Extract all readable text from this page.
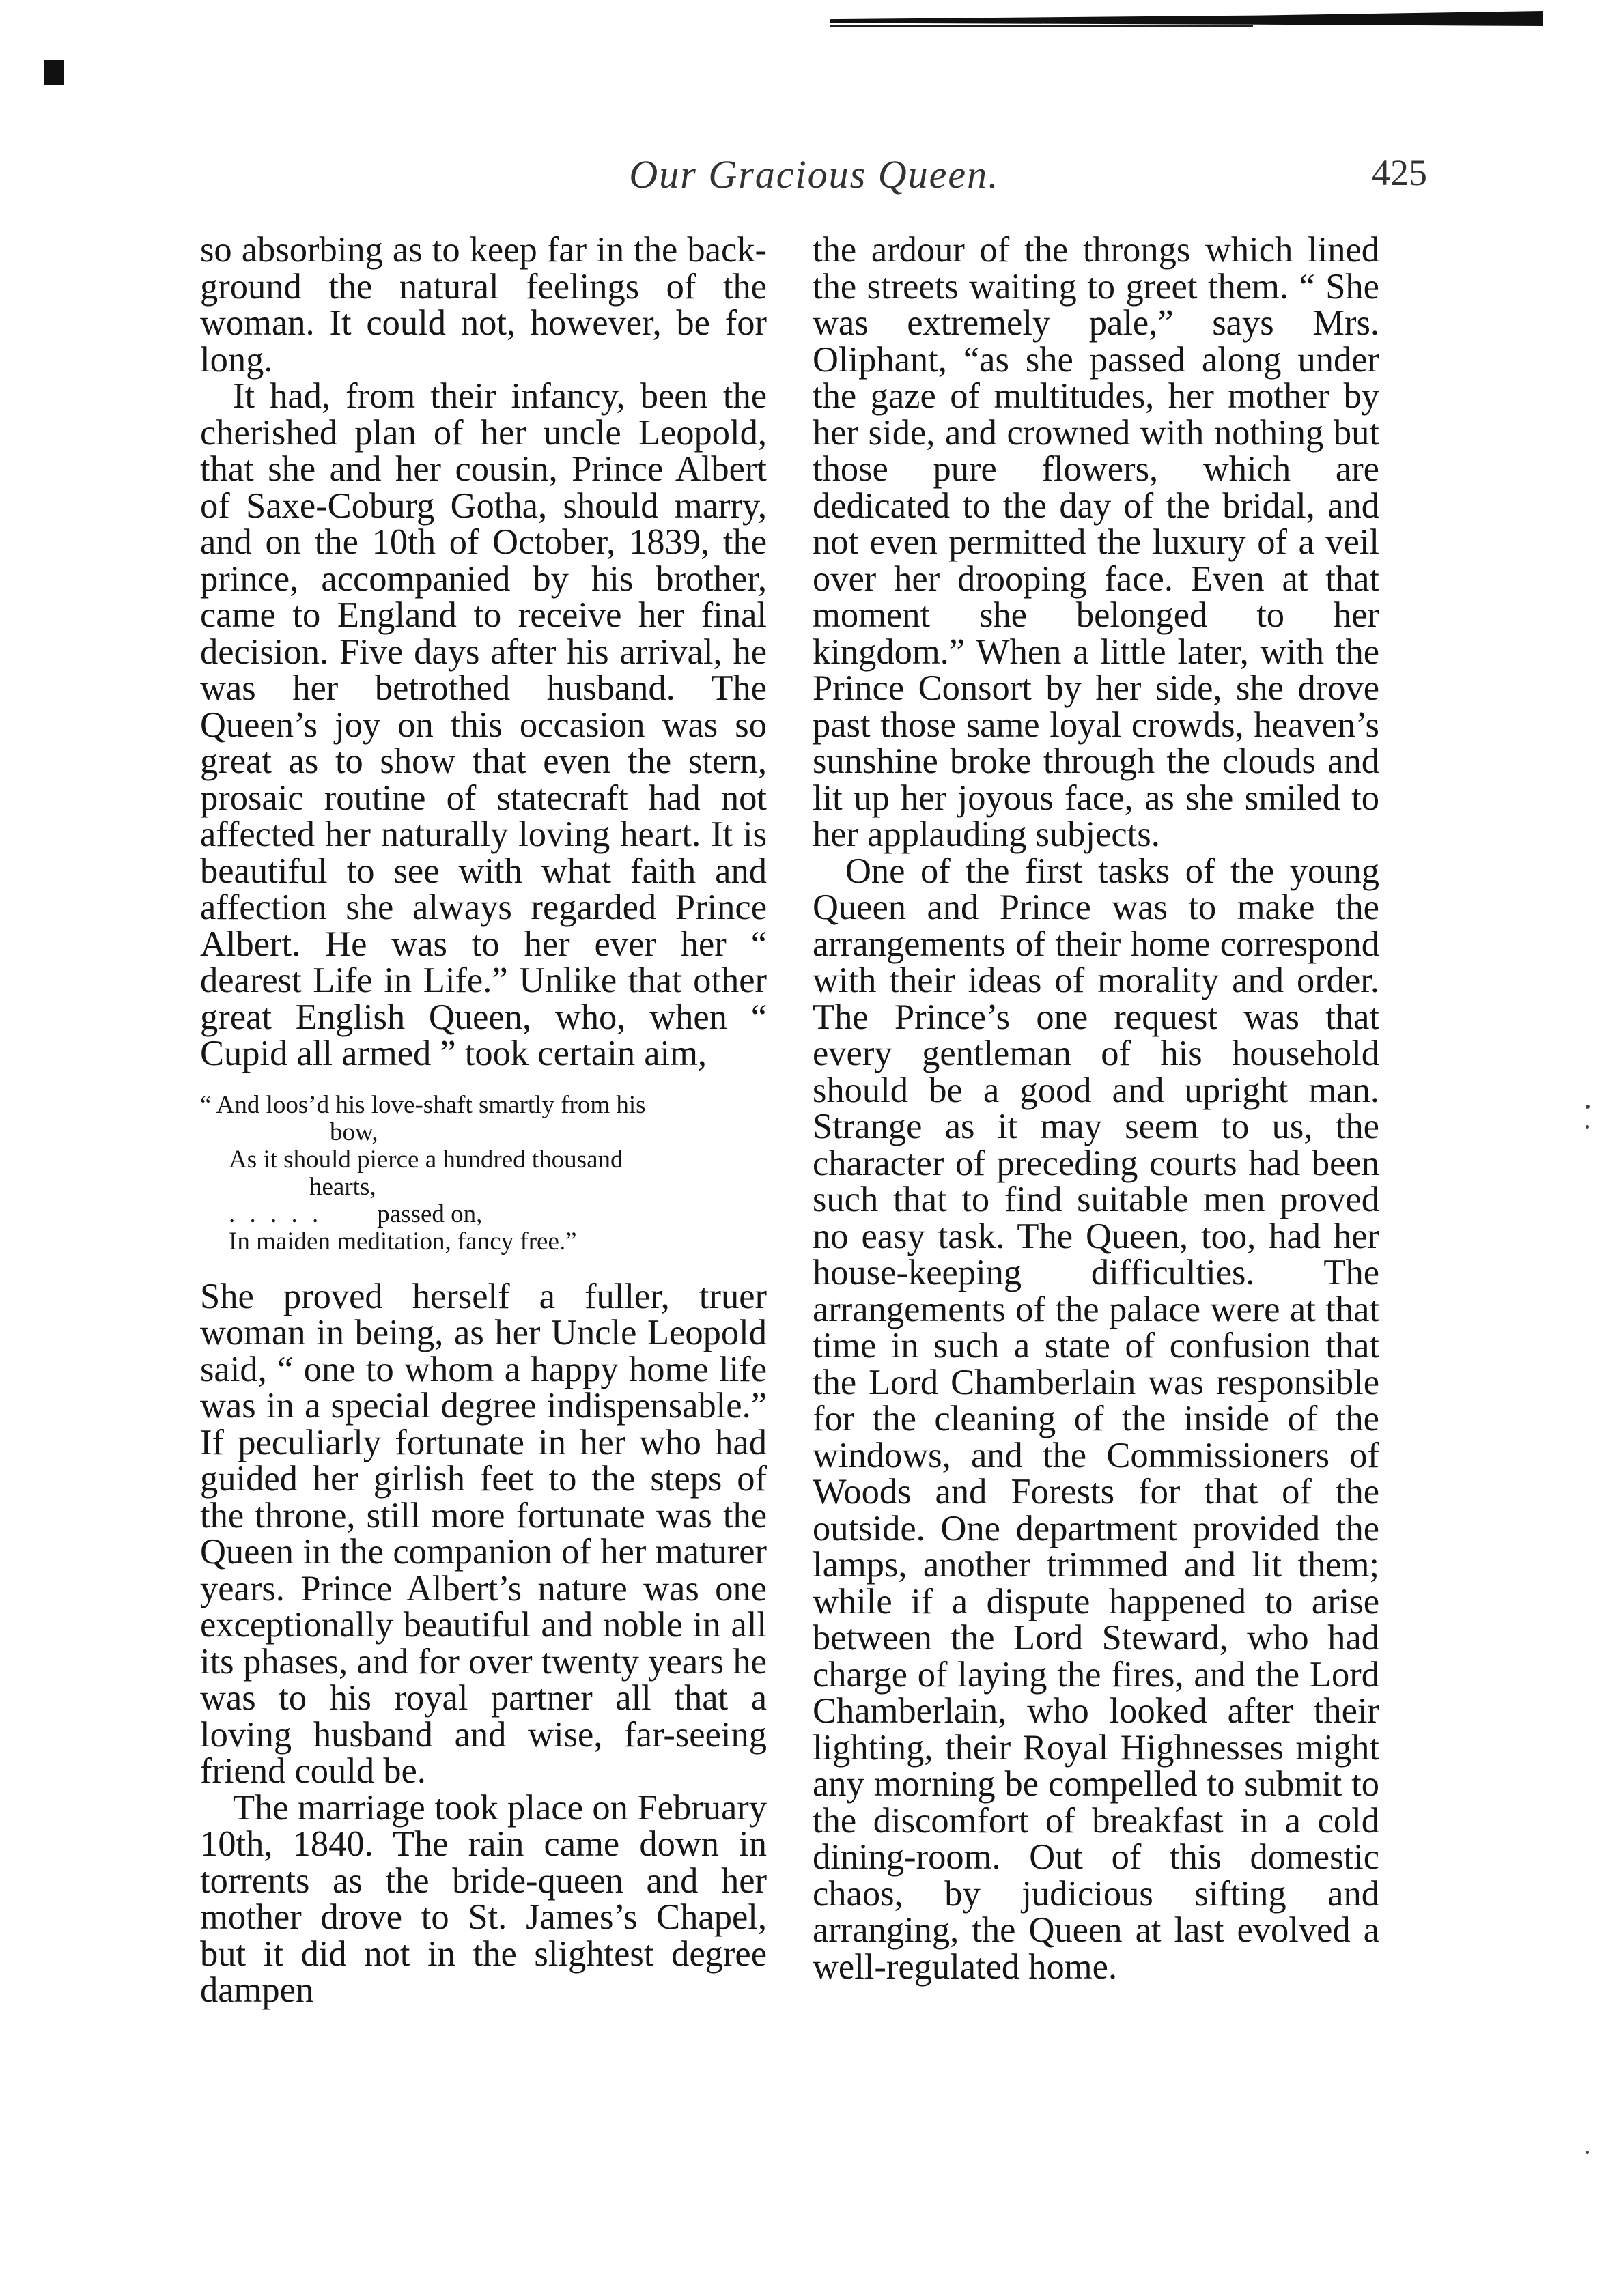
Our Gracious Queen.	425

so absorbing as to keep far in the back-ground the natural feelings of the woman. It could not, however, be for long.

It had, from their infancy, been the cherished plan of her uncle Leopold, that she and her cousin, Prince Albert of Saxe-Coburg Gotha, should marry, and on the 10th of October, 1839, the prince, accompanied by his brother, came to England to receive her final decision. Five days after his arrival, he was her betrothed husband. The Queen’s joy on this occasion was so great as to show that even the stern, prosaic routine of statecraft had not affected her naturally loving heart. It is beautiful to see with what faith and affection she always regarded Prince Albert. He was to her ever her “ dearest Life in Life.” Unlike that other great English Queen, who, when “ Cupid all armed ” took certain aim,

“ And loos’d his love-shaft smartly from his
bow,
As it should pierce a hundred thousand
hearts,
. . . . . passed on,
In maiden meditation, fancy free.”

She proved herself a fuller, truer woman in being, as her Uncle Leopold said, “ one to whom a happy home life was in a special degree indispensable.” If peculiarly fortunate in her who had guided her girlish feet to the steps of the throne, still more fortunate was the Queen in the companion of her maturer years. Prince Albert’s nature was one exceptionally beautiful and noble in all its phases, and for over twenty years he was to his royal partner all that a loving husband and wise, far-seeing friend could be.

The marriage took place on February 10th, 1840. The rain came down in torrents as the bride-queen and her mother drove to St. James’s Chapel, but it did not in the slightest degree dampen

the ardour of the throngs which lined the streets waiting to greet them. “ She was extremely pale,” says Mrs. Oliphant, “as she passed along under the gaze of multitudes, her mother by her side, and crowned with nothing but those pure flowers, which are dedicated to the day of the bridal, and not even permitted the luxury of a veil over her drooping face. Even at that moment she belonged to her kingdom.” When a little later, with the Prince Consort by her side, she drove past those same loyal crowds, heaven’s sunshine broke through the clouds and lit up her joyous face, as she smiled to her applauding subjects.

One of the first tasks of the young Queen and Prince was to make the arrangements of their home correspond with their ideas of morality and order. The Prince’s one request was that every gentleman of his household should be a good and upright man. Strange as it may seem to us, the character of preceding courts had been such that to find suitable men proved no easy task. The Queen, too, had her house-keeping difficulties. The arrangements of the palace were at that time in such a state of confusion that the Lord Chamberlain was responsible for the cleaning of the inside of the windows, and the Commissioners of Woods and Forests for that of the outside. One department provided the lamps, another trimmed and lit them; while if a dispute happened to arise between the Lord Steward, who had charge of laying the fires, and the Lord Chamberlain, who looked after their lighting, their Royal Highnesses might any morning be compelled to submit to the discomfort of breakfast in a cold dining-room. Out of this domestic chaos, by judicious sifting and arranging, the Queen at last evolved a well-regulated home.
